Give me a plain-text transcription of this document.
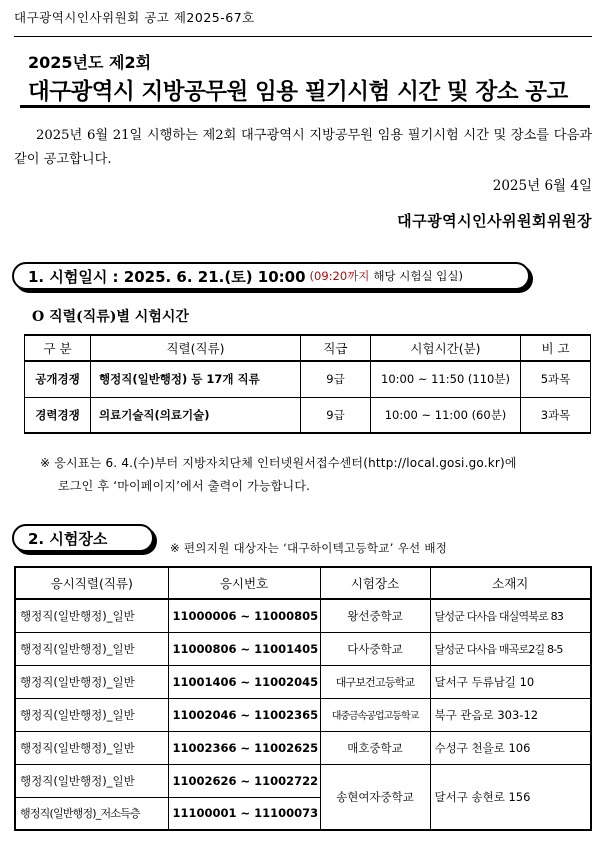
대구광역시인사위원회 공고 제2025-67호
2025년도 제2회
대구광역시 지방공무원 임용 필기시험 시간 및 장소 공고
2025년 6월 21일 시행하는 제2회 대구광역시 지방공무원 임용 필기시험 시간 및 장소를 다음과 같이 공고합니다.
2025년 6월 4일
대구광역시인사위원회위원장
1. 시험일시 : 2025. 6. 21.(토) 10:00 (09:20까지 해당 시험실 입실)
O 직렬(직류)별 시험시간
구 분	직렬(직류)	직급	시험시간(분)	비 고
공개경쟁	행정직(일반행정) 등 17개 직류	9급	10:00 ~ 11:50 (110분)	5과목
경력경쟁	의료기술직(의료기술)	9급	10:00 ~ 11:00 (60분)	3과목
※ 응시표는 6. 4.(수)부터 지방자치단체 인터넷원서접수센터(http://local.gosi.go.kr)에
로그인 후 ‘마이페이지’에서 출력이 가능합니다.
2. 시험장소
※ 편의지원 대상자는 ‘대구하이텍고등학교’ 우선 배정
응시직렬(직류)	응시번호	시험장소	소재지
행정직(일반행정)_일반	11000006 ~ 11000805	왕선중학교	달성군 다사읍 대실역북로 83
행정직(일반행정)_일반	11000806 ~ 11001405	다사중학교	달성군 다사읍 매곡로2길 8-5
행정직(일반행정)_일반	11001406 ~ 11002045	대구보건고등학교	달서구 두류남길 10
행정직(일반행정)_일반	11002046 ~ 11002365	대중금속공업고등학교	북구 관음로 303-12
행정직(일반행정)_일반	11002366 ~ 11002625	매호중학교	수성구 천을로 106
행정직(일반행정)_일반	11002626 ~ 11002722	송현여자중학교	달서구 송현로 156
행정직(일반행정)_저소득층	11100001 ~ 11100073		
